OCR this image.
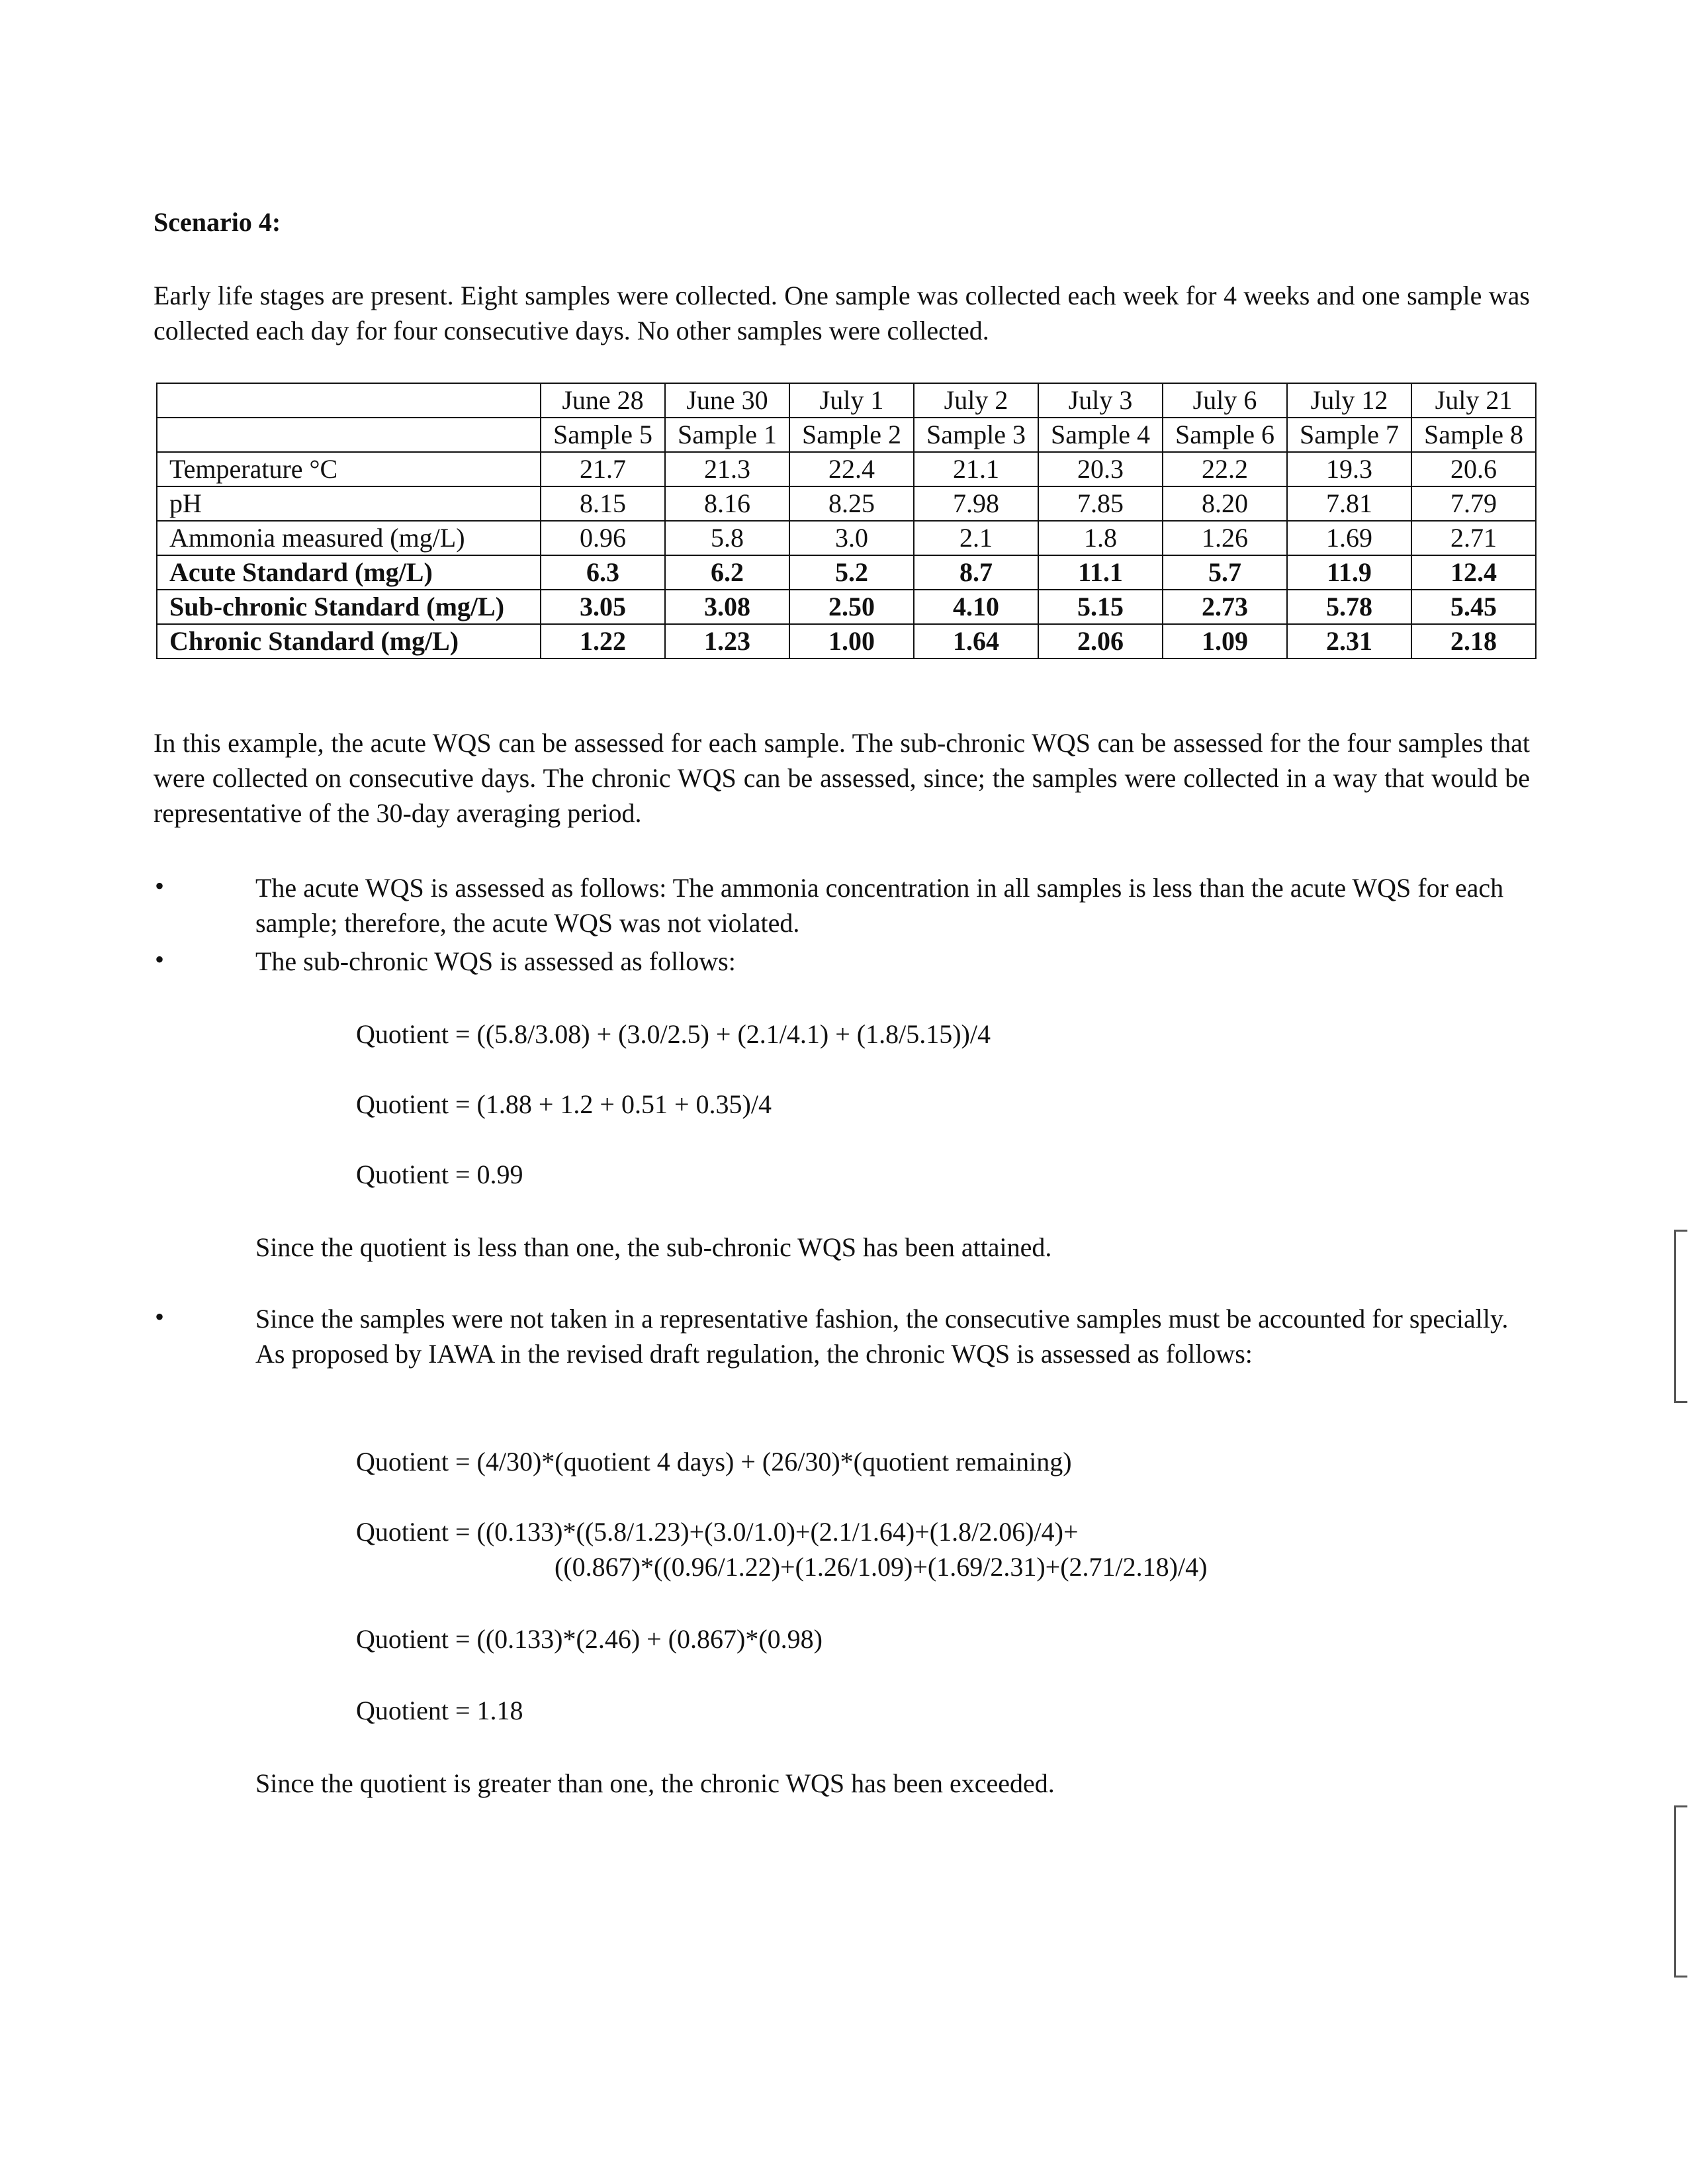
Scenario 4:
Early life stages are present. Eight samples were collected. One sample was collected each week for 4 weeks and one sample was collected each day for four consecutive days. No other samples were collected.
	June 28	June 30	July 1	July 2	July 3	July 6	July 12	July 21
	Sample 5	Sample 1	Sample 2	Sample 3	Sample 4	Sample 6	Sample 7	Sample 8
Temperature °C	21.7	21.3	22.4	21.1	20.3	22.2	19.3	20.6
pH	8.15	8.16	8.25	7.98	7.85	8.20	7.81	7.79
Ammonia measured (mg/L)	0.96	5.8	3.0	2.1	1.8	1.26	1.69	2.71
Acute Standard (mg/L)	6.3	6.2	5.2	8.7	11.1	5.7	11.9	12.4
Sub-chronic Standard (mg/L)	3.05	3.08	2.50	4.10	5.15	2.73	5.78	5.45
Chronic Standard (mg/L)	1.22	1.23	1.00	1.64	2.06	1.09	2.31	2.18
In this example, the acute WQS can be assessed for each sample. The sub-chronic WQS can be assessed for the four samples that were collected on consecutive days. The chronic WQS can be assessed, since; the samples were collected in a way that would be representative of the 30-day averaging period.
•	The acute WQS is assessed as follows: The ammonia concentration in all samples is less than the acute WQS for each sample; therefore, the acute WQS was not violated.
•	The sub-chronic WQS is assessed as follows:
Quotient = ((5.8/3.08) + (3.0/2.5) + (2.1/4.1) + (1.8/5.15))/4
Quotient = (1.88 + 1.2 + 0.51 + 0.35)/4
Quotient = 0.99
Since the quotient is less than one, the sub-chronic WQS has been attained.
•	Since the samples were not taken in a representative fashion, the consecutive samples must be accounted for specially. As proposed by IAWA in the revised draft regulation, the chronic WQS is assessed as follows:
Quotient = (4/30)*(quotient 4 days) + (26/30)*(quotient remaining)
Quotient = ((0.133)*((5.8/1.23)+(3.0/1.0)+(2.1/1.64)+(1.8/2.06)/4)+
((0.867)*((0.96/1.22)+(1.26/1.09)+(1.69/2.31)+(2.71/2.18)/4)
Quotient = ((0.133)*(2.46) + (0.867)*(0.98)
Quotient = 1.18
Since the quotient is greater than one, the chronic WQS has been exceeded.
